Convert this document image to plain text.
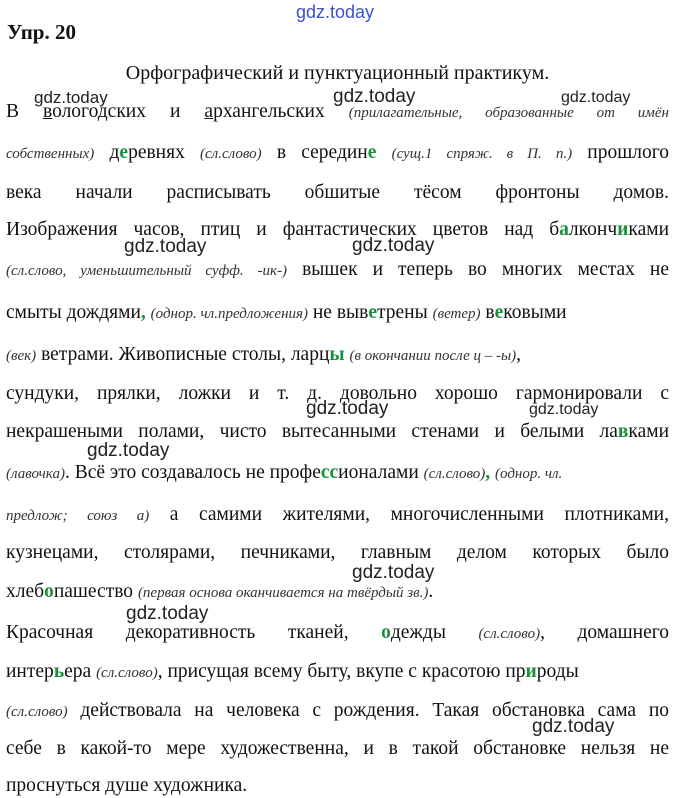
gdz.today
gdz.today	gdz.today	gdz.today
gdz.today	gdz.today
gdz.today	gdz.today
gdz.today
gdz.today
gdz.today
gdz.today
Упр. 20
Орфографический и пунктуационный практикум.
В вологодских и архангельских (прилагательные, образованные от имён
собственных) деревнях (сл.слово) в середине (сущ.1 спряж. в П. п.) прошлого
века начали расписывать обшитые тёсом фронтоны домов.
Изображения часов, птиц и фантастических цветов над балкончиками
(сл.слово, уменьшительный суфф. -ик-) вышек и теперь во многих местах не
смыты дождями, (однор. чл.предложения) не выветрены (ветер) вековыми
(век) ветрами. Живописные столы, ларцы (в окончании после ц – -ы),
сундуки, прялки, ложки и т. д. довольно хорошо гармонировали с
некрашеными полами, чисто вытесанными стенами и белыми лавками
(лавочка). Всё это создавалось не профессионалами (сл.слово), (однор. чл.
предлож; союз а) а самими жителями, многочисленными плотниками,
кузнецами, столярами, печниками, главным делом которых было
хлебопашество (первая основа оканчивается на твёрдый зв.).
Красочная декоративность тканей, одежды (сл.слово), домашнего
интерьера (сл.слово), присущая всему быту, вкупе с красотою природы
(сл.слово) действовала на человека с рождения. Такая обстановка сама по
себе в какой-то мере художественна, и в такой обстановке нельзя не
проснуться душе художника.
